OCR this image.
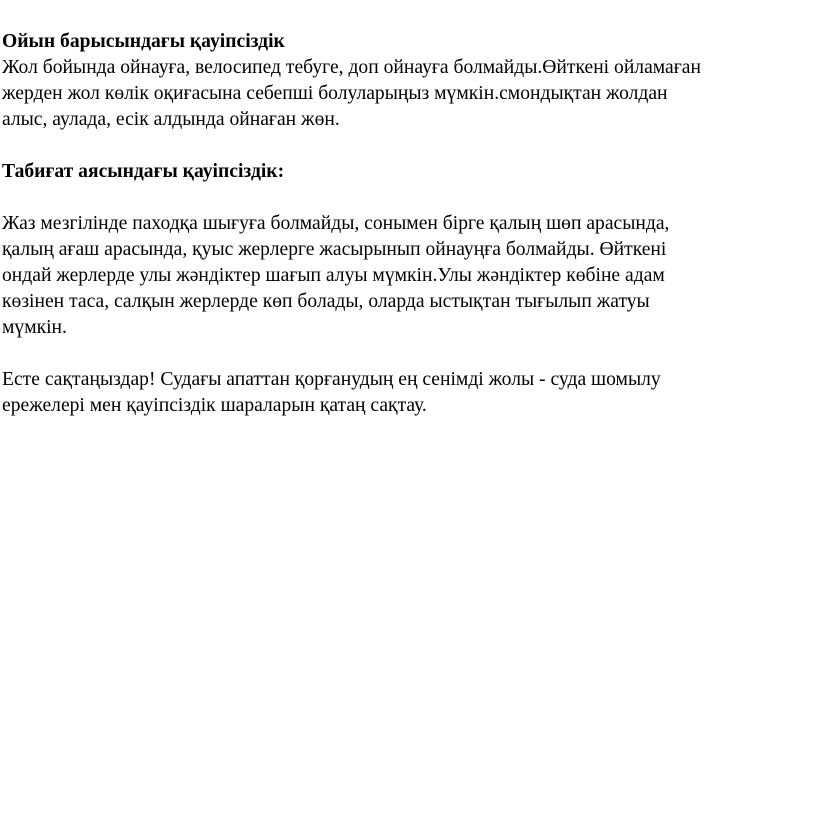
Ойын барысындағы қауіпсіздік

Жол бойында ойнауға, велосипед тебуге, доп ойнауға болмайды.Өйткені ойламаған

жерден жол көлік оқиғасына себепші болуларыңыз мүмкін.смондықтан жолдан

алыс, аулада, есік алдында ойнаған жөн.

Табиғат аясындағы қауіпсіздік:

Жаз мезгілінде паходқа шығуға болмайды, сонымен бірге қалың шөп арасында,

қалың ағаш арасында, қуыс жерлерге жасырынып ойнауңға болмайды. Өйткені

ондай жерлерде улы жәндіктер шағып алуы мүмкін.Улы жәндіктер көбіне адам

көзінен таса, салқын жерлерде көп болады, оларда ыстықтан тығылып жатуы

мүмкін.

Есте сақтаңыздар! Судағы апаттан қорғанудың ең сенімді жолы - суда шомылу

ережелері мен қауіпсіздік шараларын қатаң сақтау.
